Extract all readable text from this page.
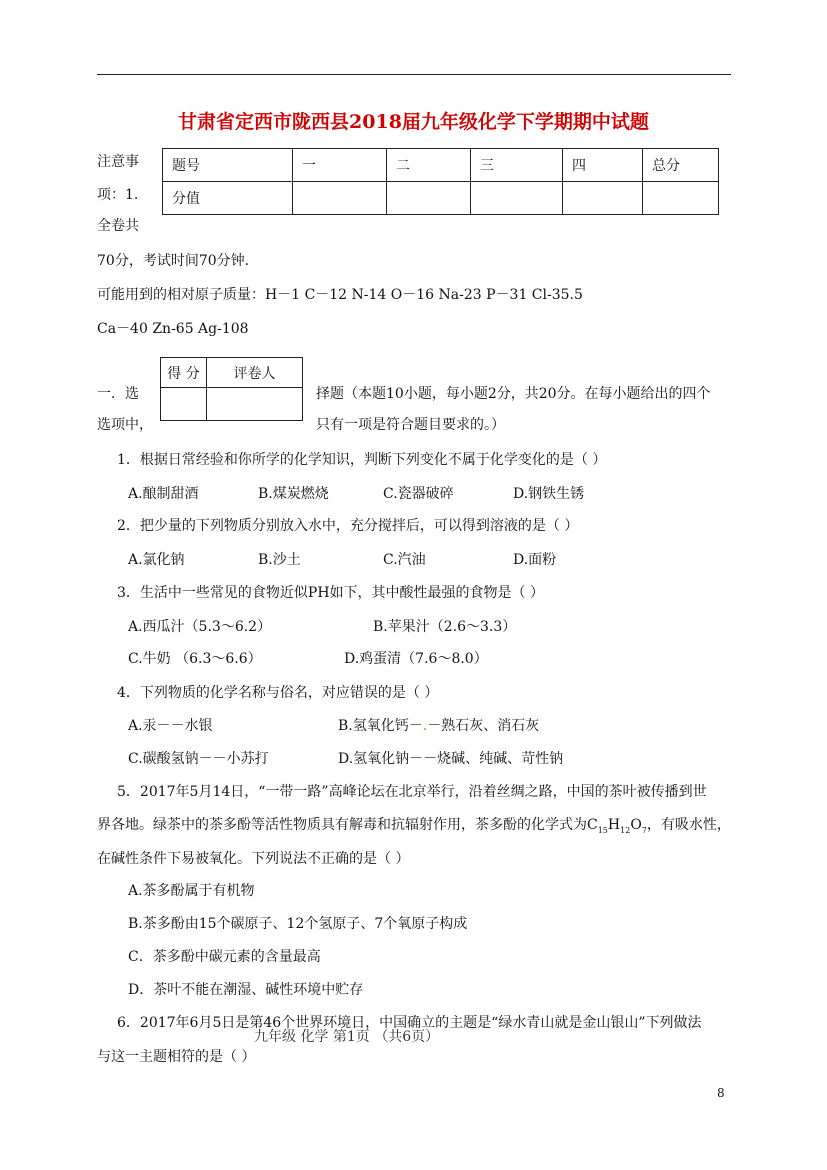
甘肃省定西市陇西县2018届九年级化学下学期期中试题
注意事
项：1.
全卷共
题号	一	二	三	四	总分
分值					
70分，考试时间70分钟.
可能用到的相对原子质量：H－1 C－12 N-14 O－16 Na-23 P－31 Cl-35.5
Ca－40 Zn-65 Ag-108
一．选
选项中，
得 分	评卷人

择题（本题10小题，每小题2分，共20分。在每小题给出的四个
只有一项是符合题目要求的。）
1．根据日常经验和你所学的化学知识，判断下列变化不属于化学变化的是（ ）
A.酿制甜酒	B.煤炭燃烧	C.瓷器破碎	D.钢铁生锈
2．把少量的下列物质分别放入水中，充分搅拌后，可以得到溶液的是（ ）
A.氯化钠	B.沙土	C.汽油	D.面粉
3．生活中一些常见的食物近似PH如下，其中酸性最强的食物是（ ）
A.西瓜汁（5.3～6.2）	B.苹果汁（2.6～3.3）
C.牛奶 （6.3～6.6）	D.鸡蛋清（7.6～8.0）
4．下列物质的化学名称与俗名，对应错误的是（ ）
A.汞－－水银	B.氢氧化钙－.－熟石灰、消石灰
C.碳酸氢钠－－小苏打	D.氢氧化钠－－烧碱、纯碱、苛性钠
5．2017年5月14日，“一带一路”高峰论坛在北京举行，沿着丝绸之路，中国的茶叶被传播到世
界各地。绿茶中的茶多酚等活性物质具有解毒和抗辐射作用，茶多酚的化学式为$C_{15}H_{12}O_7$，有吸水性，
在碱性条件下易被氧化。下列说法不正确的是（ ）
A.茶多酚属于有机物
B.茶多酚由15个碳原子、12个氢原子、7个氧原子构成
C．茶多酚中碳元素的含量最高
D．茶叶不能在潮湿、碱性环境中贮存
6．2017年6月5日是第46个世界环境日，中国确立的主题是“绿水青山就是金山银山”下列做法
九年级 化学 第1页 （共6页）
与这一主题相符的是（ ）
8
